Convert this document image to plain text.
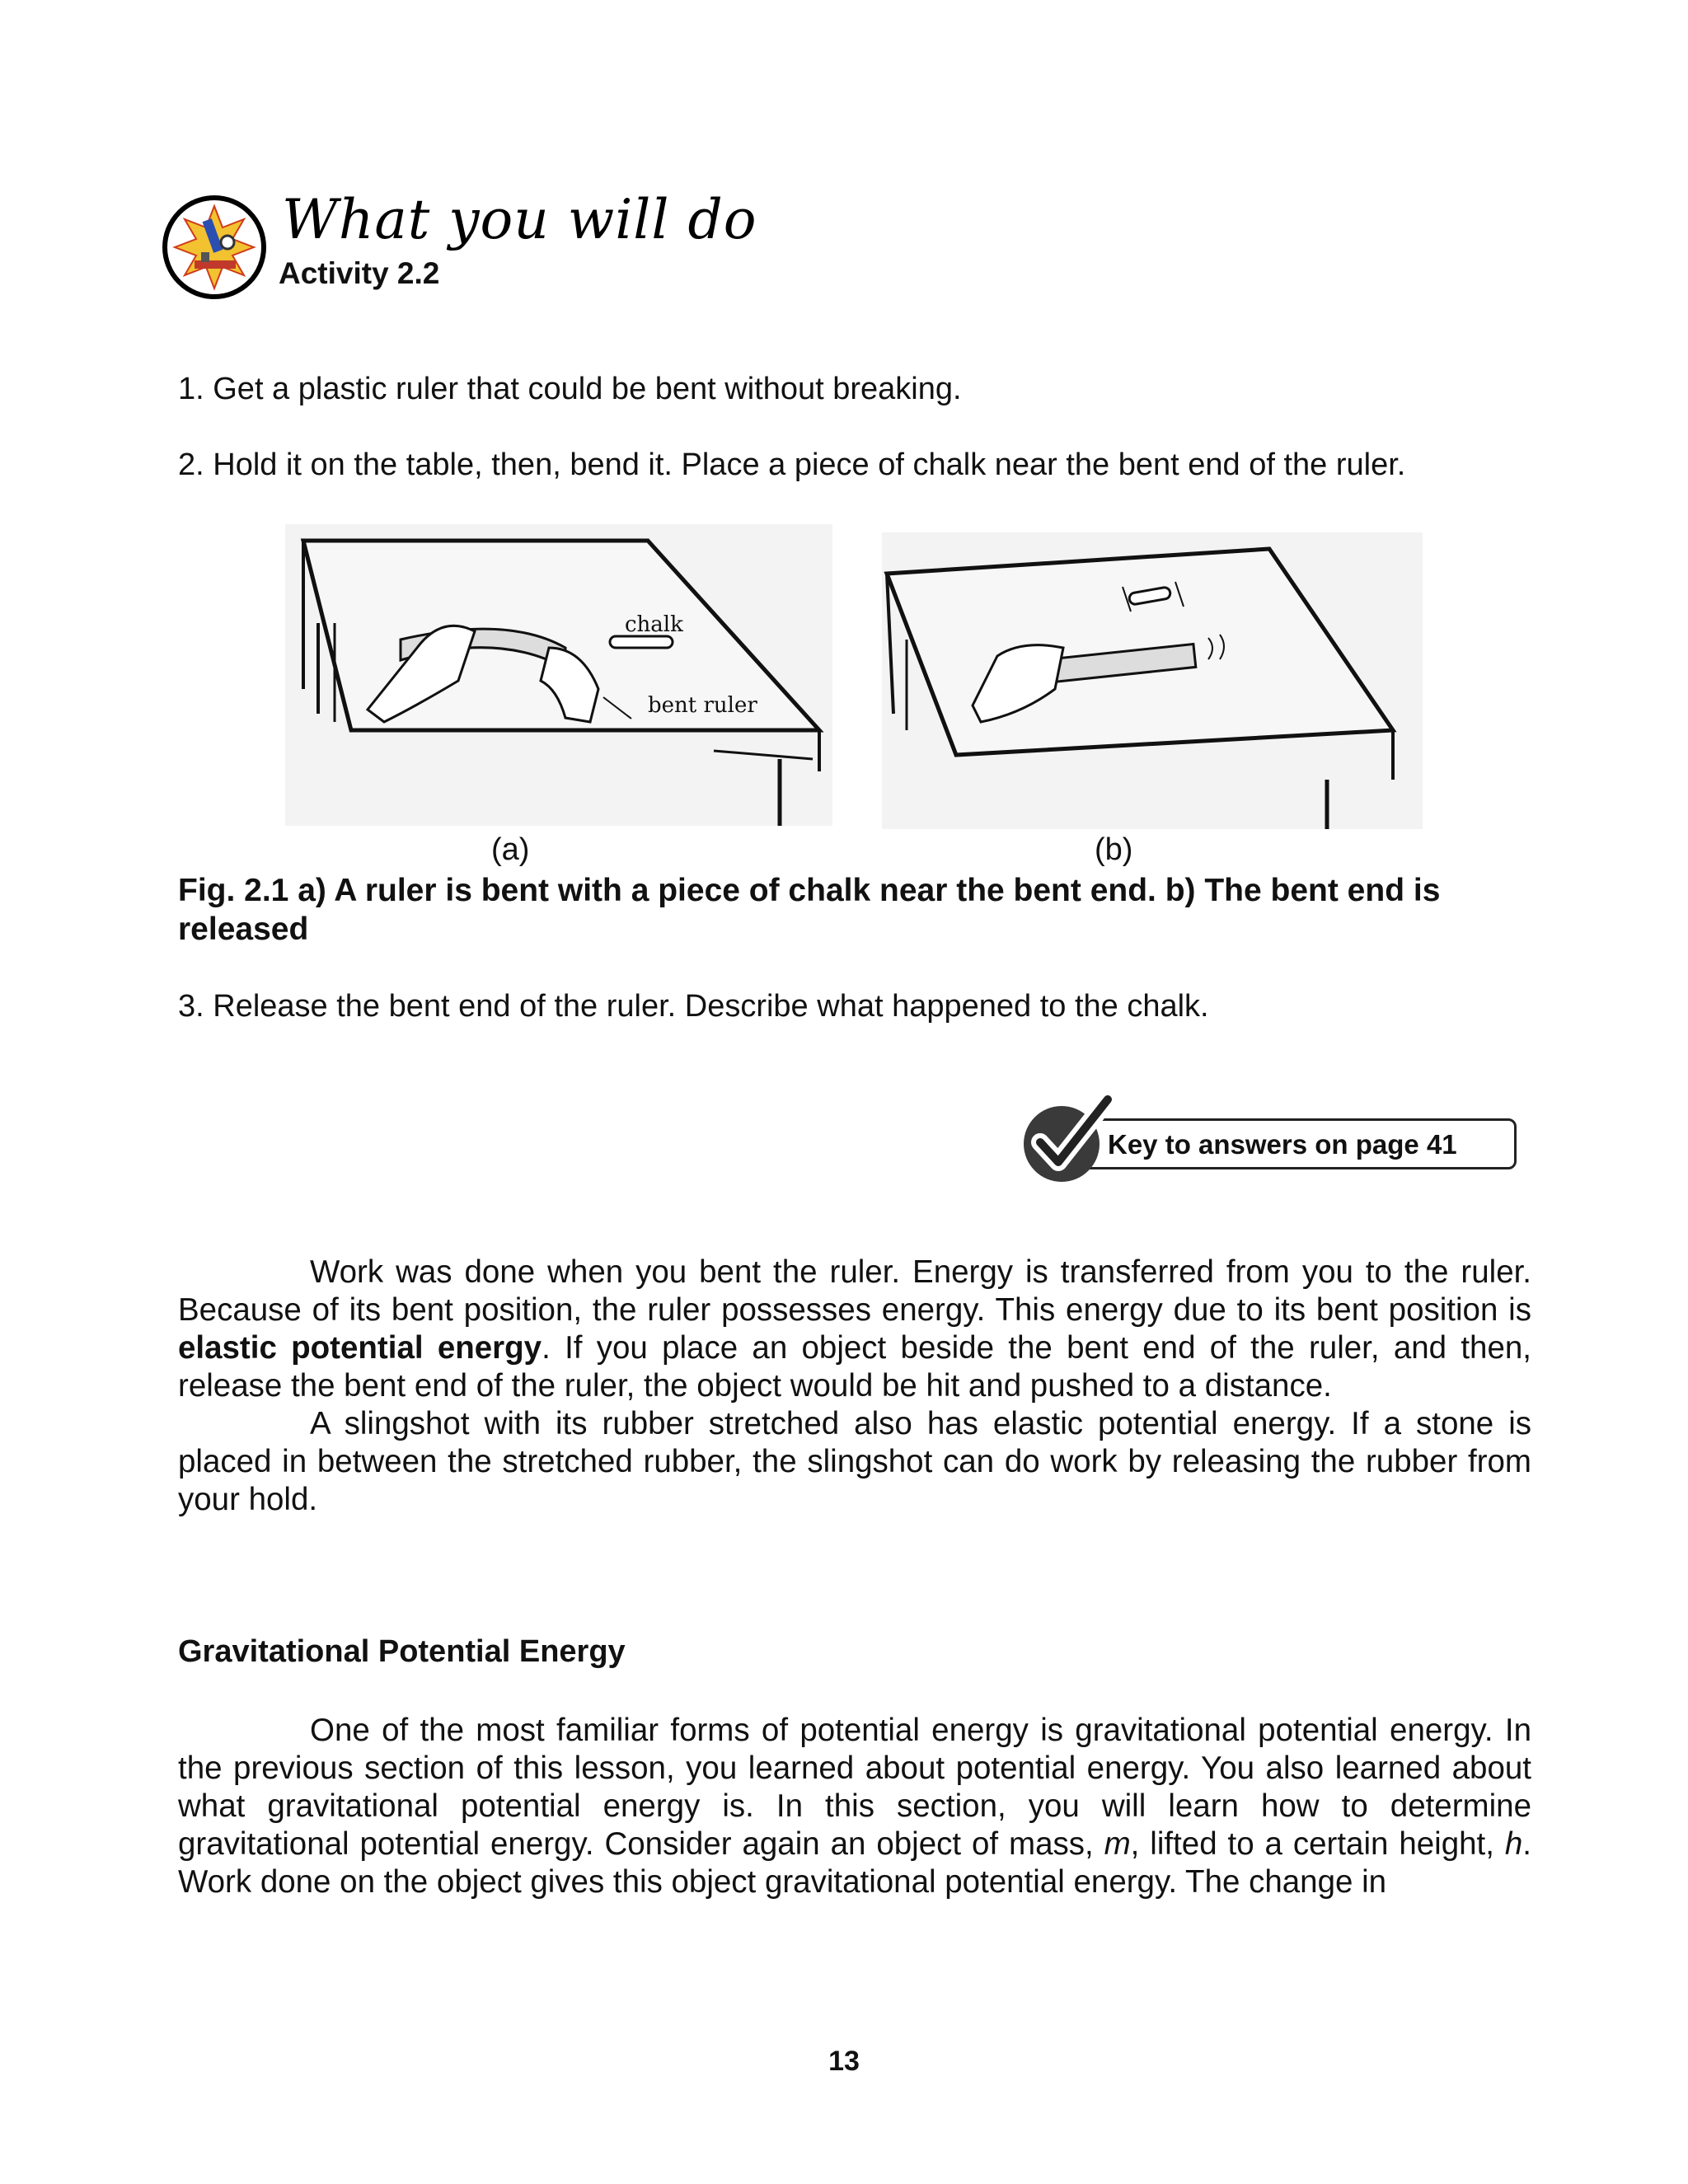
What you will do
Activity 2.2
1. Get a plastic ruler that could be bent without breaking.
2. Hold it on the table, then, bend it. Place a piece of chalk near the bent end of the ruler.
chalk
bent ruler
(a)	(b)
Fig. 2.1 a) A ruler is bent with a piece of chalk near the bent end. b) The bent end is released
3. Release the bent end of the ruler. Describe what happened to the chalk.
Key to answers on page 41

Work was done when you bent the ruler. Energy is transferred from you to the ruler. Because of its bent position, the ruler possesses energy. This energy due to its bent position is elastic potential energy. If you place an object beside the bent end of the ruler, and then, release the bent end of the ruler, the object would be hit and pushed to a distance.

A slingshot with its rubber stretched also has elastic potential energy. If a stone is placed in between the stretched rubber, the slingshot can do work by releasing the rubber from your hold.

Gravitational Potential Energy

One of the most familiar forms of potential energy is gravitational potential energy. In the previous section of this lesson, you learned about potential energy. You also learned about what gravitational potential energy is. In this section, you will learn how to determine gravitational potential energy. Consider again an object of mass, m, lifted to a certain height, h. Work done on the object gives this object gravitational potential energy. The change in

13
